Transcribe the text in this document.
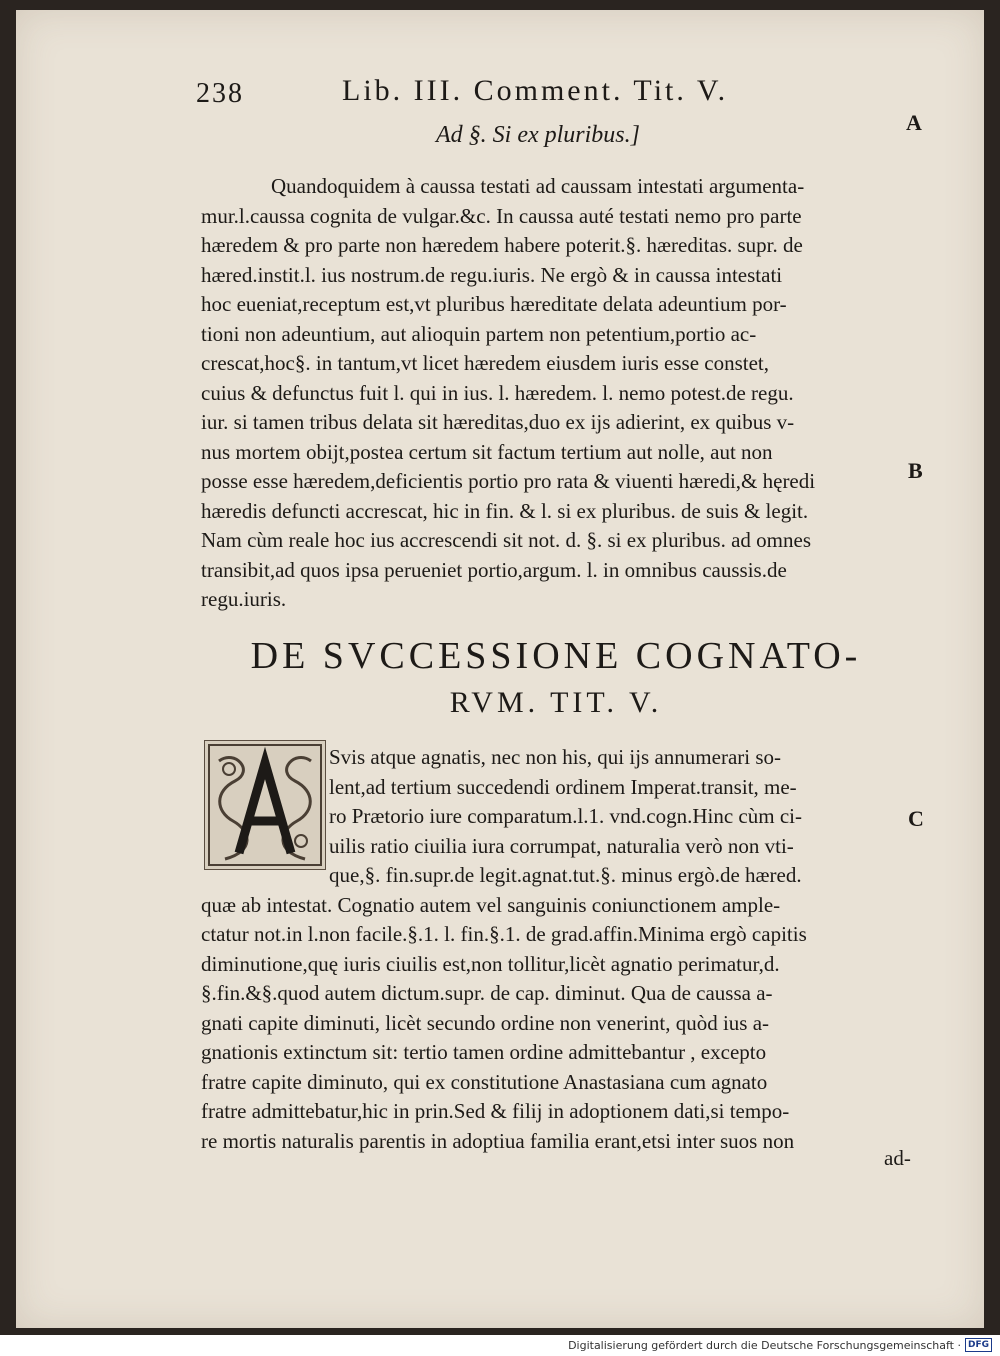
238	Lib. III. Comment. Tit. V.
Ad §. Si ex pluribus.]	A
B
C
Quandoquidem à caussa testati ad caussam intestati argumenta-
mur.l.caussa cognita de vulgar.&c. In caussa auté testati nemo pro parte
hæredem & pro parte non hæredem habere poterit.§. hæreditas. supr. de
hæred.instit.l. ius nostrum.de regu.iuris. Ne ergò & in caussa intestati
hoc eueniat,receptum est,vt pluribus hæreditate delata adeuntium por-
tioni non adeuntium, aut alioquin partem non petentium,portio ac-
crescat,hoc§. in tantum,vt licet hæredem eiusdem iuris esse constet,
cuius & defunctus fuit l. qui in ius. l. hæredem. l. nemo potest.de regu.
iur. si tamen tribus delata sit hæreditas,duo ex ijs adierint, ex quibus v-
nus mortem obijt,postea certum sit factum tertium aut nolle, aut non
posse esse hæredem,deficientis portio pro rata & viuenti hæredi,& hęredi
hæredis defuncti accrescat, hic in fin. & l. si ex pluribus. de suis & legit.
Nam cùm reale hoc ius accrescendi sit not. d. §. si ex pluribus. ad omnes
transibit,ad quos ipsa perueniet portio,argum. l. in omnibus caussis.de
regu.iuris.
DE SVCCESSIONE COGNATO-
RVM. TIT. V.
Svis atque agnatis, nec non his, qui ijs annumerari so-
lent,ad tertium succedendi ordinem Imperat.transit, me-
ro Prætorio iure comparatum.l.1. vnd.cogn.Hinc cùm ci-
uilis ratio ciuilia iura corrumpat, naturalia verò non vti-
que,§. fin.supr.de legit.agnat.tut.§. minus ergò.de hæred.
quæ ab intestat. Cognatio autem vel sanguinis coniunctionem ample-
ctatur not.in l.non facile.§.1. l. fin.§.1. de grad.affin.Minima ergò capitis
diminutione,quę iuris ciuilis est,non tollitur,licèt agnatio perimatur,d.
§.fin.&§.quod autem dictum.supr. de cap. diminut. Qua de caussa a-
gnati capite diminuti, licèt secundo ordine non venerint, quòd ius a-
gnationis extinctum sit: tertio tamen ordine admittebantur , excepto
fratre capite diminuto, qui ex constitutione Anastasiana cum agnato
fratre admittebatur,hic in prin.Sed & filij in adoptionem dati,si tempo-
re mortis naturalis parentis in adoptiua familia erant,etsi inter suos non
ad-
Digitalisierung gefördert durch die Deutsche Forschungsgemeinschaft · DFG
